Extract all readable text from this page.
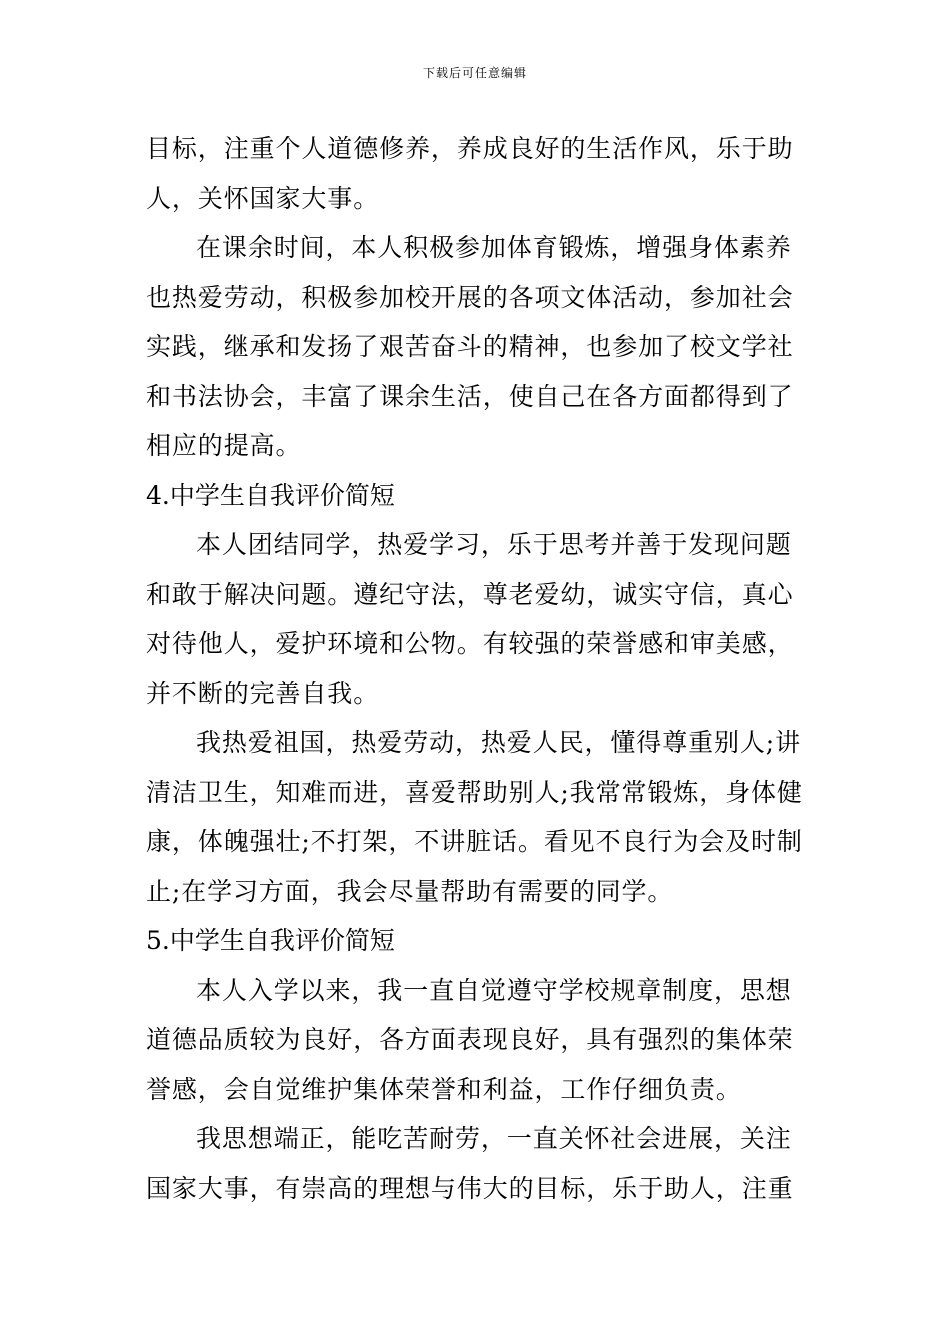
下载后可任意编辑
目标，注重个人道德修养，养成良好的生活作风，乐于助
人，关怀国家大事。
在课余时间，本人积极参加体育锻炼，增强身体素养
也热爱劳动，积极参加校开展的各项文体活动，参加社会
实践，继承和发扬了艰苦奋斗的精神，也参加了校文学社
和书法协会，丰富了课余生活，使自己在各方面都得到了
相应的提高。
4.中学生自我评价简短
本人团结同学，热爱学习，乐于思考并善于发现问题
和敢于解决问题。遵纪守法，尊老爱幼，诚实守信，真心
对待他人，爱护环境和公物。有较强的荣誉感和审美感，
并不断的完善自我。
我热爱祖国，热爱劳动，热爱人民，懂得尊重别人;讲
清洁卫生，知难而进，喜爱帮助别人;我常常锻炼，身体健
康，体魄强壮;不打架，不讲脏话。看见不良行为会及时制
止;在学习方面，我会尽量帮助有需要的同学。
5.中学生自我评价简短
本人入学以来，我一直自觉遵守学校规章制度，思想
道德品质较为良好，各方面表现良好，具有强烈的集体荣
誉感，会自觉维护集体荣誉和利益，工作仔细负责。
我思想端正，能吃苦耐劳，一直关怀社会进展，关注
国家大事，有崇高的理想与伟大的目标，乐于助人，注重
